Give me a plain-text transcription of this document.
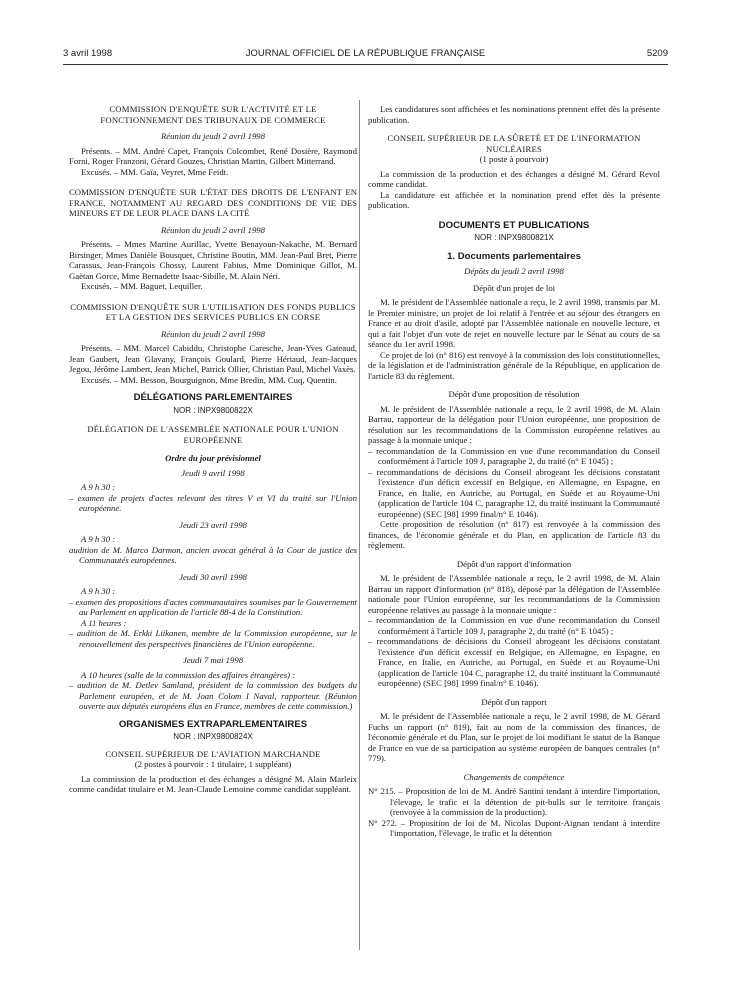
3 avril 1998	JOURNAL OFFICIEL DE LA RÉPUBLIQUE FRANÇAISE	5209
COMMISSION D'ENQUÊTE SUR L'ACTIVITÉ ET LE FONCTIONNEMENT DES TRIBUNAUX DE COMMERCE
Réunion du jeudi 2 avril 1998

Présents. – MM. André Capet, François Colcombet, René Dosière, Raymond Forni, Roger Franzoni, Gérard Gouzes, Christian Martin, Gilbert Mitterrand.

Excusés. – MM. Gaïa, Veyret, Mme Feidt.

COMMISSION D'ENQUÊTE SUR L'ÉTAT DES DROITS DE L'ENFANT EN FRANCE, NOTAMMENT AU REGARD DES CONDITIONS DE VIE DES MINEURS ET DE LEUR PLACE DANS LA CITÉ

Réunion du jeudi 2 avril 1998

Présents. – Mmes Martine Aurillac, Yvette Benayoun-Nakache, M. Bernard Birsinger, Mmes Danièle Bousquet, Christine Boutin, MM. Jean-Paul Bret, Pierre Carassus, Jean-François Chossy, Laurent Fabius, Mme Dominique Gillot, M. Gaëtan Gorce, Mme Bernadette Isaac-Sibille, M. Alain Néri.

Excusés. – MM. Baguet, Lequiller.

COMMISSION D'ENQUÊTE SUR L'UTILISATION DES FONDS PUBLICS ET LA GESTION DES SERVICES PUBLICS EN CORSE
Réunion du jeudi 2 avril 1998

Présents. – MM. Marcel Cabiddu, Christophe Caresche, Jean-Yves Gateaud, Jean Gaubert, Jean Glavany, François Goulard, Pierre Hériaud, Jean-Jacques Jegou, Jérôme Lambert, Jean Michel, Patrick Ollier, Christian Paul, Michel Vaxès.

Excusés. – MM. Besson, Bourguignon, Mme Bredin, MM. Cuq, Quentin.

DÉLÉGATIONS PARLEMENTAIRES
NOR : INPX9800822X
DÉLÉGATION DE L'ASSEMBLÉE NATIONALE POUR L'UNION EUROPÉENNE
Ordre du jour prévisionnel
Jeudi 9 avril 1998

A 9 h 30 :

– examen de projets d'actes relevant des titres V et VI du traité sur l'Union européenne.

Jeudi 23 avril 1998

A 9 h 30 :

audition de M. Marco Darmon, ancien avocat général à la Cour de justice des Communautés européennes.

Jeudi 30 avril 1998

A 9 h 30 :

– examen des propositions d'actes communautaires soumises par le Gouvernement au Parlement en application de l'article 88-4 de la Constitution.

A 11 heures :

– audition de M. Erkki Liikanen, membre de la Commission européenne, sur le renouvellement des perspectives financières de l'Union européenne.

Jeudi 7 mai 1998

A 10 heures (salle de la commission des affaires étrangères) :

– audition de M. Detlev Samland, président de la commission des budgets du Parlement européen, et de M. Joan Colom I Naval, rapporteur. (Réunion ouverte aux députés européens élus en France, membres de cette commission.)

ORGANISMES EXTRAPARLEMENTAIRES
NOR : INPX9800824X
CONSEIL SUPÉRIEUR DE L'AVIATION MARCHANDE
(2 postes à pourvoir : 1 titulaire, 1 suppléant)

La commission de la production et des échanges a désigné M. Alain Marleix comme candidat titulaire et M. Jean-Claude Lemoine comme candidat suppléant.

Les candidatures sont affichées et les nominations prennent effet dès la présente publication.

CONSEIL SUPÉRIEUR DE LA SÛRETÉ ET DE L'INFORMATION NUCLÉAIRES
(1 poste à pourvoir)

La commission de la production et des échanges a désigné M. Gérard Revol comme candidat.

La candidature est affichée et la nomination prend effet dès la présente publication.

DOCUMENTS ET PUBLICATIONS
NOR : INPX9800821X
1. Documents parlementaires
Dépôts du jeudi 2 avril 1998
Dépôt d'un projet de loi

M. le président de l'Assemblée nationale a reçu, le 2 avril 1998, transmis par M. le Premier ministre, un projet de loi relatif à l'entrée et au séjour des étrangers en France et au droit d'asile, adopté par l'Assemblée nationale en nouvelle lecture, et qui a fait l'objet d'un vote de rejet en nouvelle lecture par le Sénat au cours de sa séance du 1er avril 1998.

Ce projet de loi (n° 816) est renvoyé à la commission des lois constitutionnelles, de la législation et de l'administration générale de la République, en application de l'article 83 du règlement.

Dépôt d'une proposition de résolution

M. le président de l'Assemblée nationale a reçu, le 2 avril 1998, de M. Alain Barrau, rapporteur de la délégation pour l'Union européenne, une proposition de résolution sur les recommandations de la Commission européenne relatives au passage à la monnaie unique :

– recommandation de la Commission en vue d'une recommandation du Conseil conformément à l'article 109 J, paragraphe 2, du traité (n° E 1045) ;

– recommandations de décisions du Conseil abrogeant les décisions constatant l'existence d'un déficit excessif en Belgique, en Allemagne, en Espagne, en France, en Italie, en Autriche, au Portugal, en Suède et au Royaume-Uni (application de l'article 104 C, paragraphe 12, du traité instituant la Communauté européenne) (SEC [98] 1999 final/n° E 1046).

Cette proposition de résolution (n° 817) est renvoyée à la commission des finances, de l'économie générale et du Plan, en application de l'article 83 du règlement.

Dépôt d'un rapport d'information

M. le président de l'Assemblée nationale a reçu, le 2 avril 1998, de M. Alain Barrau un rapport d'information (n° 818), déposé par la délégation de l'Assemblée nationale pour l'Union européenne, sur les recommandations de la Commission européenne relatives au passage à la monnaie unique :

– recommandation de la Commission en vue d'une recommandation du Conseil conformément à l'article 109 J, paragraphe 2, du traité (n° E 1045) ;

– recommandations de décisions du Conseil abrogeant les décisions constatant l'existence d'un déficit excessif en Belgique, en Allemagne, en Espagne, en France, en Italie, en Autriche, au Portugal, en Suède et au Royaume-Uni (application de l'article 104 C, paragraphe 12, du traité instituant la Communauté européenne) (SEC [98] 1999 final/n° E 1046).

Dépôt d'un rapport

M. le président de l'Assemblée nationale a reçu, le 2 avril 1998, de M. Gérard Fuchs un rapport (n° 819), fait au nom de la commission des finances, de l'économie générale et du Plan, sur le projet de loi modifiant le statut de la Banque de France en vue de sa participation au système européen de banques centrales (n° 779).

Changements de compétence

N° 215. – Proposition de loi de M. André Santini tendant à interdire l'importation, l'élevage, le trafic et la détention de pit-bulls sur le territoire français (renvoyée à la commission de la production).

N° 272. – Proposition de loi de M. Nicolas Dupont-Aignan tendant à interdire l'importation, l'élevage, le trafic et la détention
